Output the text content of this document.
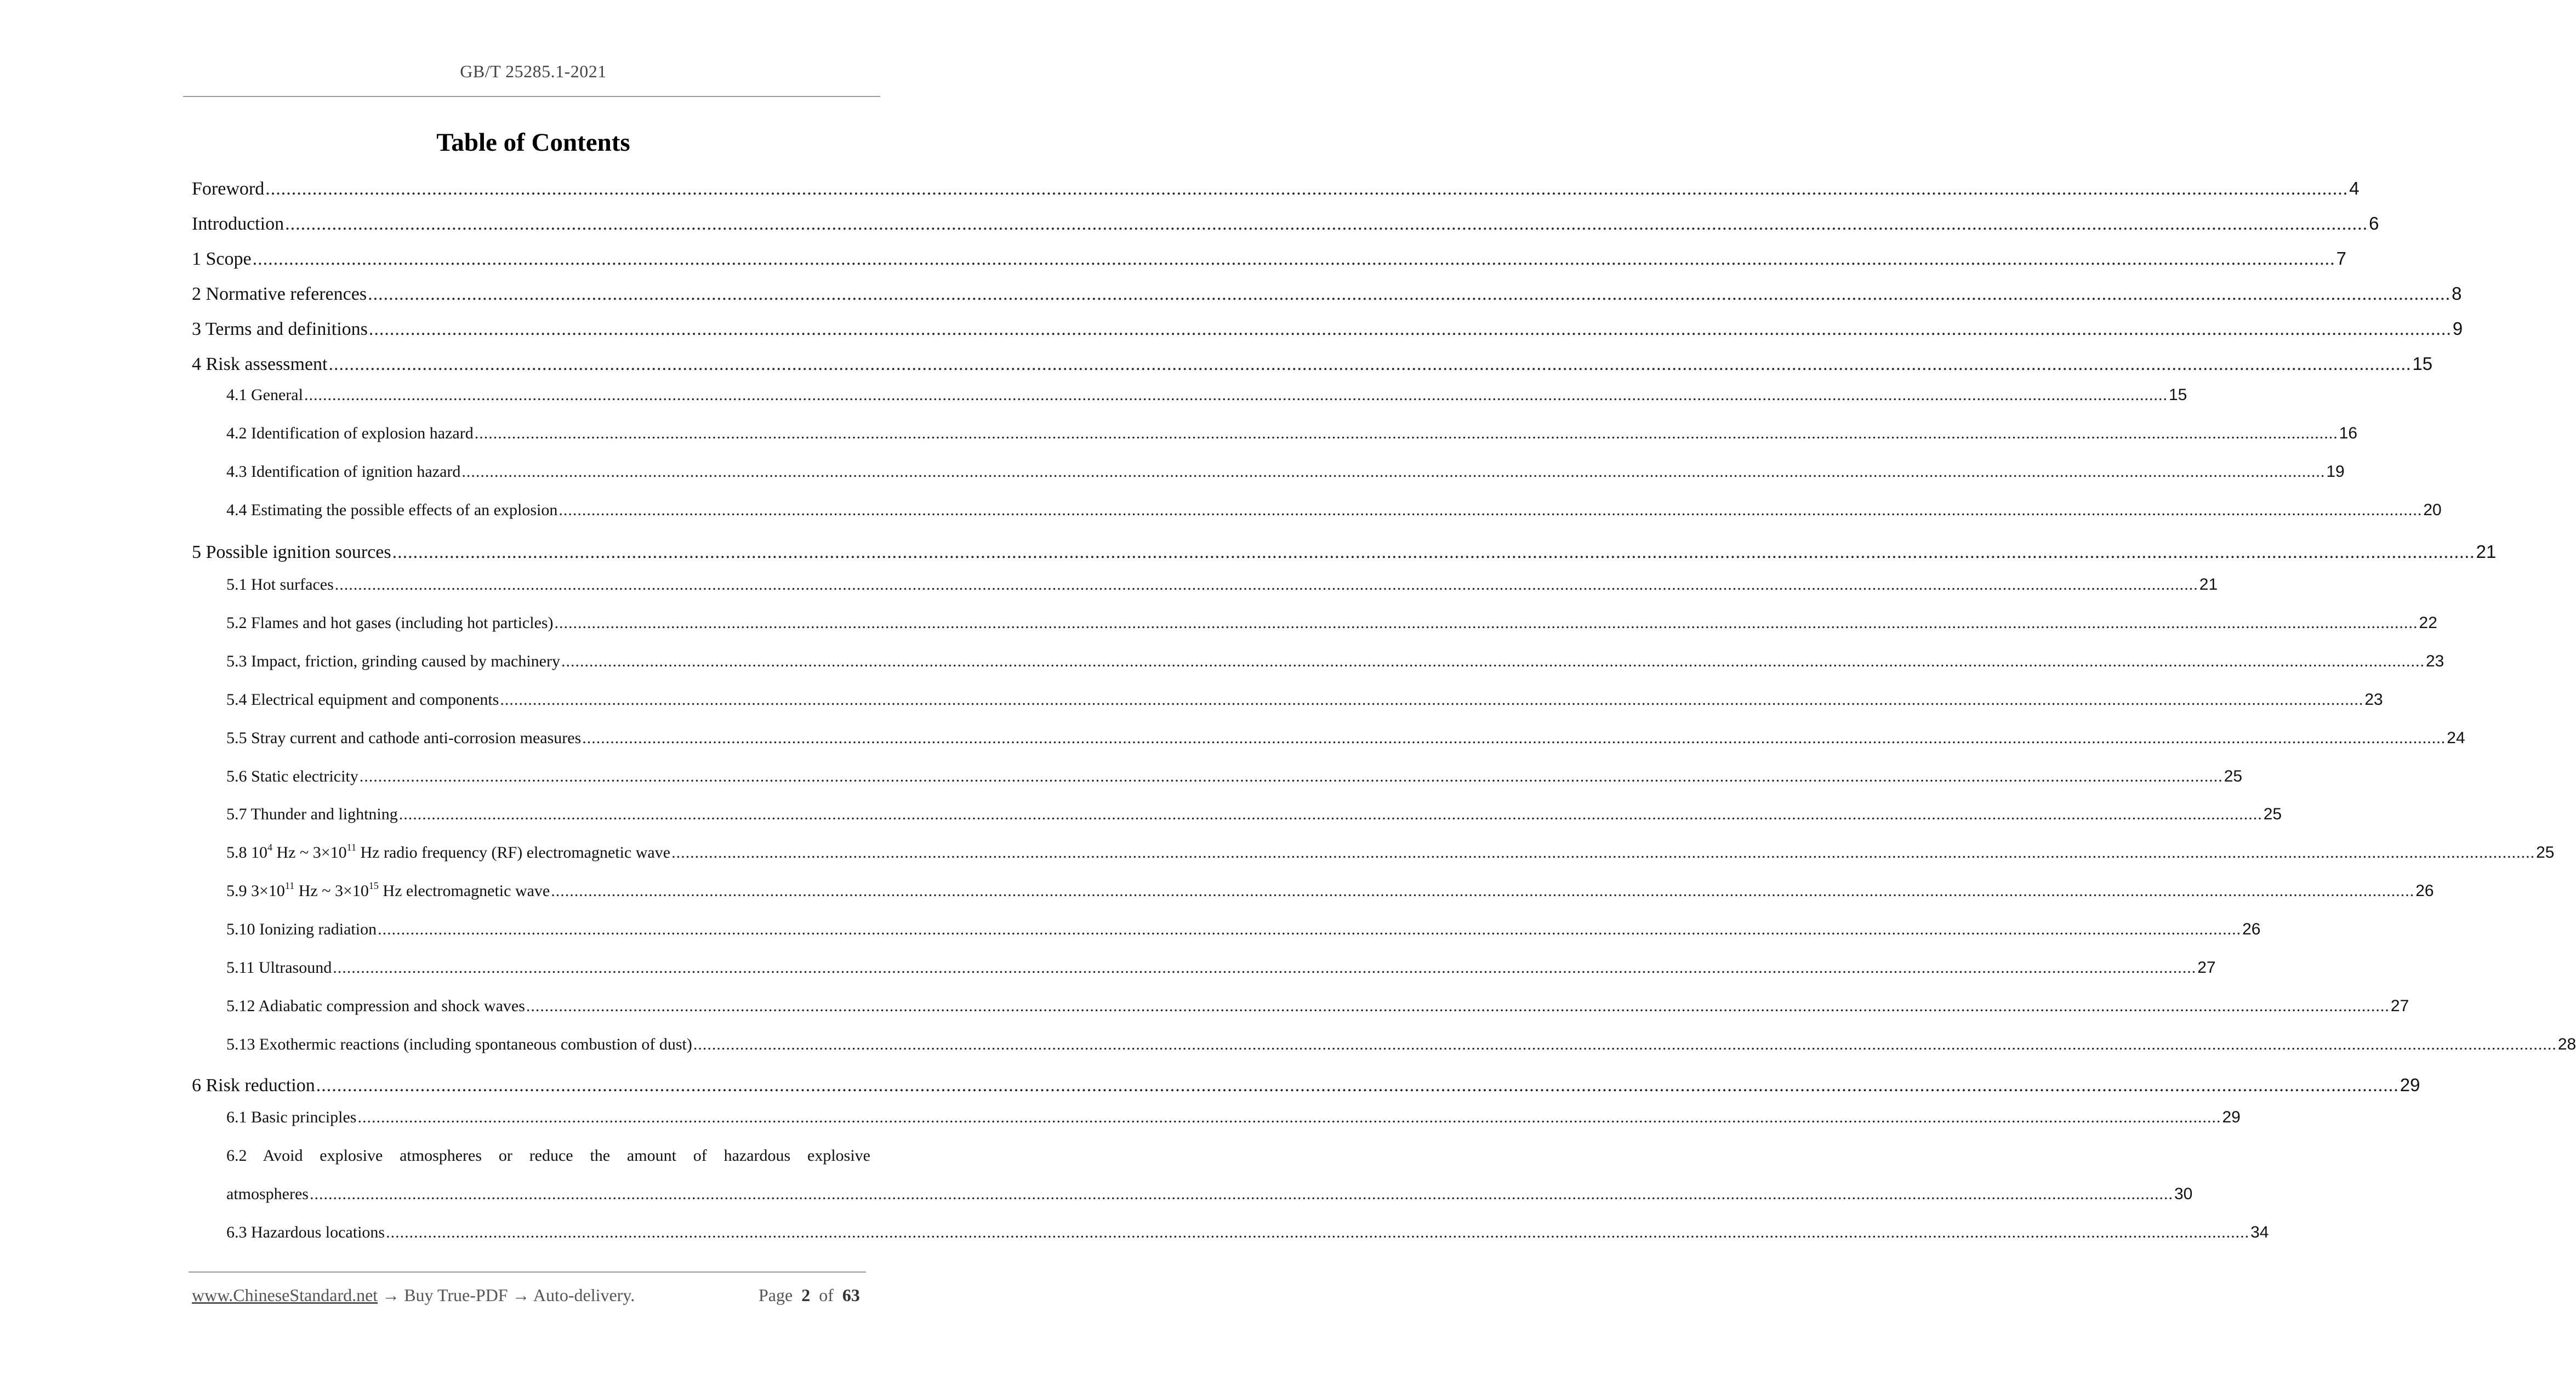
GB/T 25285.1-2021
Table of Contents
Foreword ................................................................................................................................................................................................................................................................................................................................................................................................................ 4
Introduction ................................................................................................................................................................................................................................................................................................................................................................................................................ 6
1 Scope ................................................................................................................................................................................................................................................................................................................................................................................................................ 7
2 Normative references ................................................................................................................................................................................................................................................................................................................................................................................................................ 8
3 Terms and definitions ................................................................................................................................................................................................................................................................................................................................................................................................................ 9
4 Risk assessment ................................................................................................................................................................................................................................................................................................................................................................................................................ 15
4.1 General ................................................................................................................................................................................................................................................................................................................................................................................................................ 15
4.2 Identification of explosion hazard ................................................................................................................................................................................................................................................................................................................................................................................................................ 16
4.3 Identification of ignition hazard ................................................................................................................................................................................................................................................................................................................................................................................................................ 19
4.4 Estimating the possible effects of an explosion ................................................................................................................................................................................................................................................................................................................................................................................................................ 20
5 Possible ignition sources ................................................................................................................................................................................................................................................................................................................................................................................................................ 21
5.1 Hot surfaces ................................................................................................................................................................................................................................................................................................................................................................................................................ 21
5.2 Flames and hot gases (including hot particles) ................................................................................................................................................................................................................................................................................................................................................................................................................ 22
5.3 Impact, friction, grinding caused by machinery ................................................................................................................................................................................................................................................................................................................................................................................................................ 23
5.4 Electrical equipment and components ................................................................................................................................................................................................................................................................................................................................................................................................................ 23
5.5 Stray current and cathode anti-corrosion measures ................................................................................................................................................................................................................................................................................................................................................................................................................ 24
5.6 Static electricity ................................................................................................................................................................................................................................................................................................................................................................................................................ 25
5.7 Thunder and lightning ................................................................................................................................................................................................................................................................................................................................................................................................................ 25
5.8 $10^4$ Hz ~ $3\times 10^{11}$ Hz radio frequency (RF) electromagnetic wave ................................................................................................................................................................................................................................................................................................................................................................................................................ 25
5.9 $3\times 10^{11}$ Hz ~ $3\times 10^{15}$ Hz electromagnetic wave ................................................................................................................................................................................................................................................................................................................................................................................................................ 26
5.10 Ionizing radiation ................................................................................................................................................................................................................................................................................................................................................................................................................ 26
5.11 Ultrasound ................................................................................................................................................................................................................................................................................................................................................................................................................ 27
5.12 Adiabatic compression and shock waves ................................................................................................................................................................................................................................................................................................................................................................................................................ 27
5.13 Exothermic reactions (including spontaneous combustion of dust) ................................................................................................................................................................................................................................................................................................................................................................................................................ 28
6 Risk reduction ................................................................................................................................................................................................................................................................................................................................................................................................................ 29
6.1 Basic principles ................................................................................................................................................................................................................................................................................................................................................................................................................ 29
6.2 Avoid explosive atmospheres or reduce the amount of hazardous explosive
atmospheres ................................................................................................................................................................................................................................................................................................................................................................................................................ 30
6.3 Hazardous locations ................................................................................................................................................................................................................................................................................................................................................................................................................ 34
www.ChineseStandard.net → Buy True-PDF → Auto-delivery.	Page 2 of 63
